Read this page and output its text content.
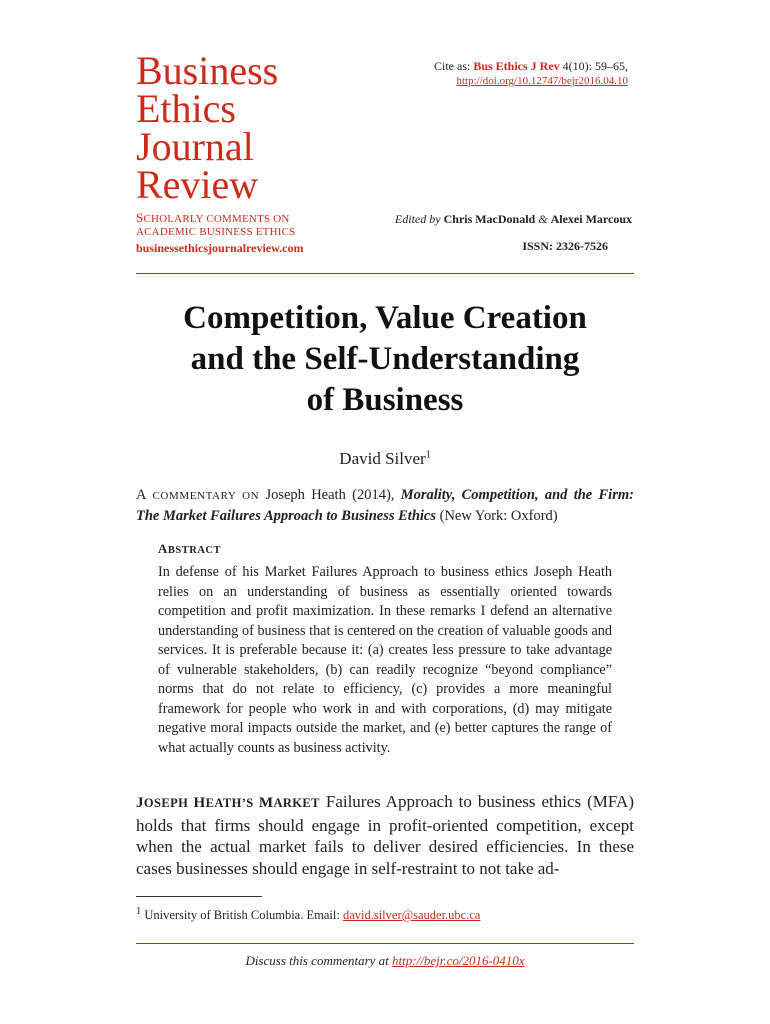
Business
Ethics
Journal
Review
SCHOLARLY COMMENTS ON
ACADEMIC BUSINESS ETHICS
businessethicsjournalreview.com
Cite as: Bus Ethics J Rev 4(10): 59–65,
http://doi.org/10.12747/bejr2016.04.10
Edited by Chris MacDonald & Alexei Marcoux
ISSN: 2326-7526
Competition, Value Creation
and the Self-Understanding
of Business
David Silver$^1$
A COMMENTARY ON Joseph Heath (2014), Morality, Competition, and the Firm: The Market Failures Approach to Business Ethics (New York: Oxford)
ABSTRACT
In defense of his Market Failures Approach to business ethics Joseph Heath relies on an understanding of business as essentially oriented towards competition and profit maximization. In these remarks I defend an alternative understanding of business that is centered on the creation of valuable goods and services. It is preferable because it: (a) creates less pressure to take advantage of vulnerable stakeholders, (b) can readily recognize “beyond compliance” norms that do not relate to efficiency, (c) provides a more meaningful framework for people who work in and with corporations, (d) may mitigate negative moral impacts outside the market, and (e) better captures the range of what actually counts as business activity.
JOSEPH HEATH’S MARKET Failures Approach to business ethics (MFA) holds that firms should engage in profit-oriented competition, except when the actual market fails to deliver desired efficiencies. In these cases businesses should engage in self-restraint to not take ad-
$^1$ University of British Columbia. Email: david.silver@sauder.ubc.ca
Discuss this commentary at http://bejr.co/2016-0410x
